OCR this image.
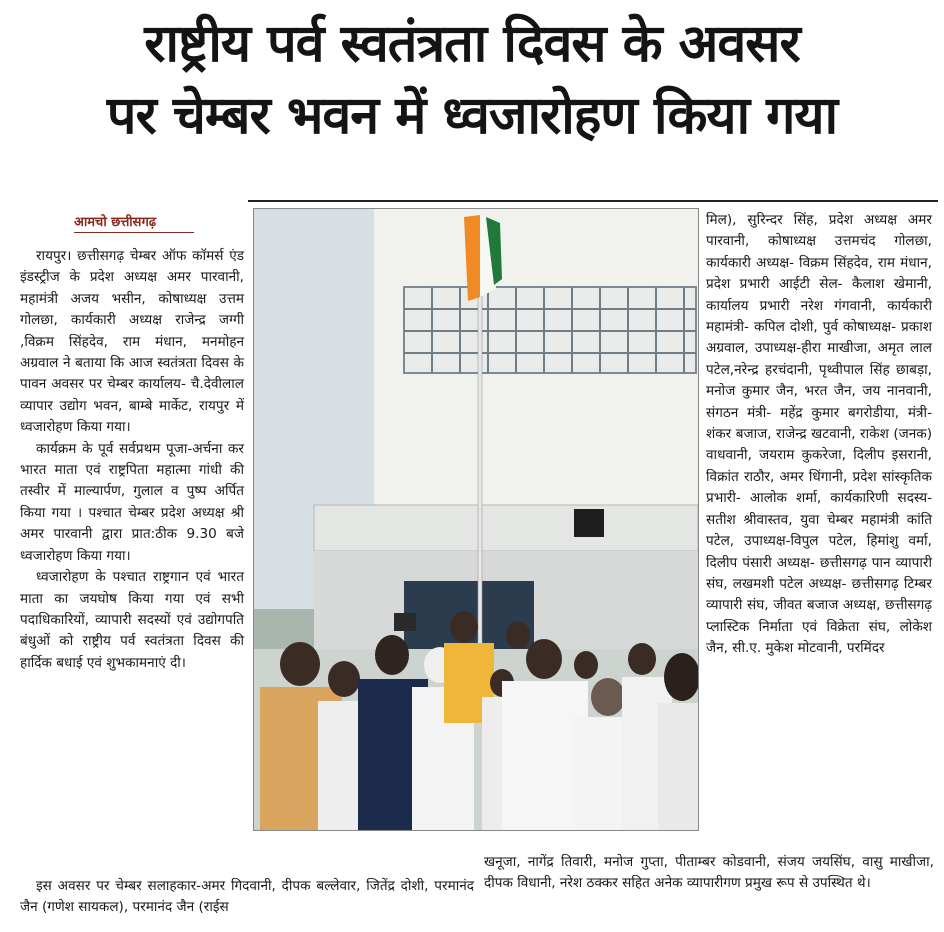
राष्ट्रीय पर्व स्वतंत्रता दिवस के अवसर
पर चेम्बर भवन में ध्वजारोहण किया गया
आमचो छत्तीसगढ़

रायपुर। छत्तीसगढ़ चेम्बर ऑफ कॉमर्स एंड इंडस्ट्रीज के प्रदेश अध्यक्ष अमर पारवानी, महामंत्री अजय भसीन, कोषाध्यक्ष उत्तम गोलछा, कार्यकारी अध्यक्ष राजेन्द्र जग्गी ,विक्रम सिंहदेव, राम मंधान, मनमोहन अग्रवाल ने बताया कि आज स्वतंत्रता दिवस के पावन अवसर पर चेम्बर कार्यालय- चै.देवीलाल व्यापार उद्योग भवन, बाम्बे मार्केट, रायपुर में ध्वजारोहण किया गया।

कार्यक्रम के पूर्व सर्वप्रथम पूजा-अर्चना कर भारत माता एवं राष्ट्रपिता महात्मा गांधी की तस्वीर में माल्यार्पण, गुलाल व पुष्प अर्पित किया गया । पश्चात चेम्बर प्रदेश अध्यक्ष श्री अमर पारवानी द्वारा प्रात:ठीक 9.30 बजे ध्वजारोहण किया गया।

ध्वजारोहण के पश्चात राष्ट्रगान एवं भारत माता का जयघोष किया गया एवं सभी पदाधिकारियों, व्यापारी सदस्यों एवं उद्योगपति बंधुओं को राष्ट्रीय पर्व स्वतंत्रता दिवस की हार्दिक बधाई एवं शुभकामनाएं दी।

मिल), सुरिन्दर सिंह, प्रदेश अध्यक्ष अमर पारवानी, कोषाध्यक्ष उत्तमचंद गोलछा, कार्यकारी अध्यक्ष- विक्रम सिंहदेव, राम मंधान, प्रदेश प्रभारी आईटी सेल- कैलाश खेमानी, कार्यालय प्रभारी नरेश गंगवानी, कार्यकारी महामंत्री- कपिल दोशी, पुर्व कोषाध्यक्ष- प्रकाश अग्रवाल, उपाध्यक्ष-हीरा माखीजा, अमृत लाल पटेल,नरेन्द्र हरचंदानी, पृथ्वीपाल सिंह छाबड़ा, मनोज कुमार जैन, भरत जैन, जय नानवानी, संगठन मंत्री- महेंद्र कुमार बगरोडीया, मंत्री- शंकर बजाज, राजेन्द्र खटवानी, राकेश (जनक) वाधवानी, जयराम कुकरेजा, दिलीप इसरानी, विक्रांत राठौर, अमर धिंगानी, प्रदेश सांस्कृतिक प्रभारी- आलोक शर्मा, कार्यकारिणी सदस्य- सतीश श्रीवास्तव, युवा चेम्बर महामंत्री कांति पटेल, उपाध्यक्ष-विपुल पटेल, हिमांशु वर्मा, दिलीप पंसारी अध्यक्ष- छत्तीसगढ़ पान व्यापारी संघ, लखमशी पटेल अध्यक्ष- छत्तीसगढ़ टिम्बर व्यापारी संघ, जीवत बजाज अध्यक्ष, छत्तीसगढ़ प्लास्टिक निर्माता एवं विक्रेता संघ, लोकेश जैन, सी.ए. मुकेश मोटवानी, परमिंदर

इस अवसर पर चेम्बर सलाहकार-अमर गिदवानी, दीपक बल्लेवार, जितेंद्र दोशी, परमानंद जैन (गणेश सायकल), परमानंद जैन (राईस

खनूजा, नागेंद्र तिवारी, मनोज गुप्ता, पीताम्बर कोडवानी, संजय जयसिंघ, वासु माखीजा, दीपक विधानी, नरेश ठक्कर सहित अनेक व्यापारीगण प्रमुख रूप से उपस्थित थे।
